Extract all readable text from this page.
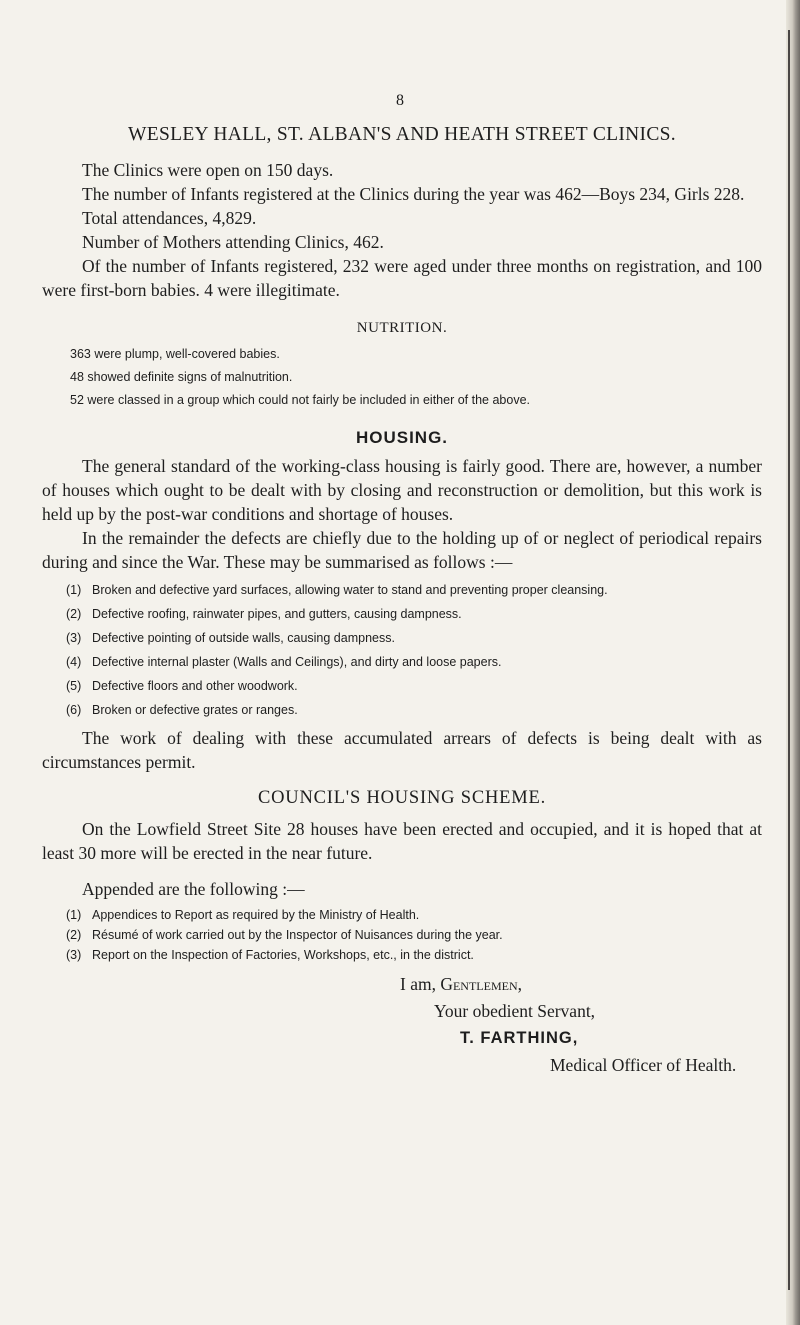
8
WESLEY HALL, ST. ALBAN'S AND HEATH STREET CLINICS.

The Clinics were open on 150 days.

The number of Infants registered at the Clinics during the year was 462—Boys 234, Girls 228.

Total attendances, 4,829.

Number of Mothers attending Clinics, 462.

Of the number of Infants registered, 232 were aged under three months on registration, and 100 were first-born babies. 4 were illegitimate.

NUTRITION.
363 were plump, well-covered babies.
48 showed definite signs of malnutrition.
52 were classed in a group which could not fairly be included in either of the above.
HOUSING.

The general standard of the working-class housing is fairly good. There are, however, a number of houses which ought to be dealt with by closing and reconstruction or demolition, but this work is held up by the post-war conditions and shortage of houses.

In the remainder the defects are chiefly due to the holding up of or neglect of periodical repairs during and since the War. These may be summarised as follows :—

(1) Broken and defective yard surfaces, allowing water to stand and preventing proper cleansing.
(2) Defective roofing, rainwater pipes, and gutters, causing dampness.
(3) Defective pointing of outside walls, causing dampness.
(4) Defective internal plaster (Walls and Ceilings), and dirty and loose papers.
(5) Defective floors and other woodwork.
(6) Broken or defective grates or ranges.

The work of dealing with these accumulated arrears of defects is being dealt with as circumstances permit.

COUNCIL'S HOUSING SCHEME.

On the Lowfield Street Site 28 houses have been erected and occupied, and it is hoped that at least 30 more will be erected in the near future.

Appended are the following :—

(1) Appendices to Report as required by the Ministry of Health.
(2) Résumé of work carried out by the Inspector of Nuisances during the year.
(3) Report on the Inspection of Factories, Workshops, etc., in the district.
I am, Gentlemen,
Your obedient Servant,
T. FARTHING,
Medical Officer of Health.
